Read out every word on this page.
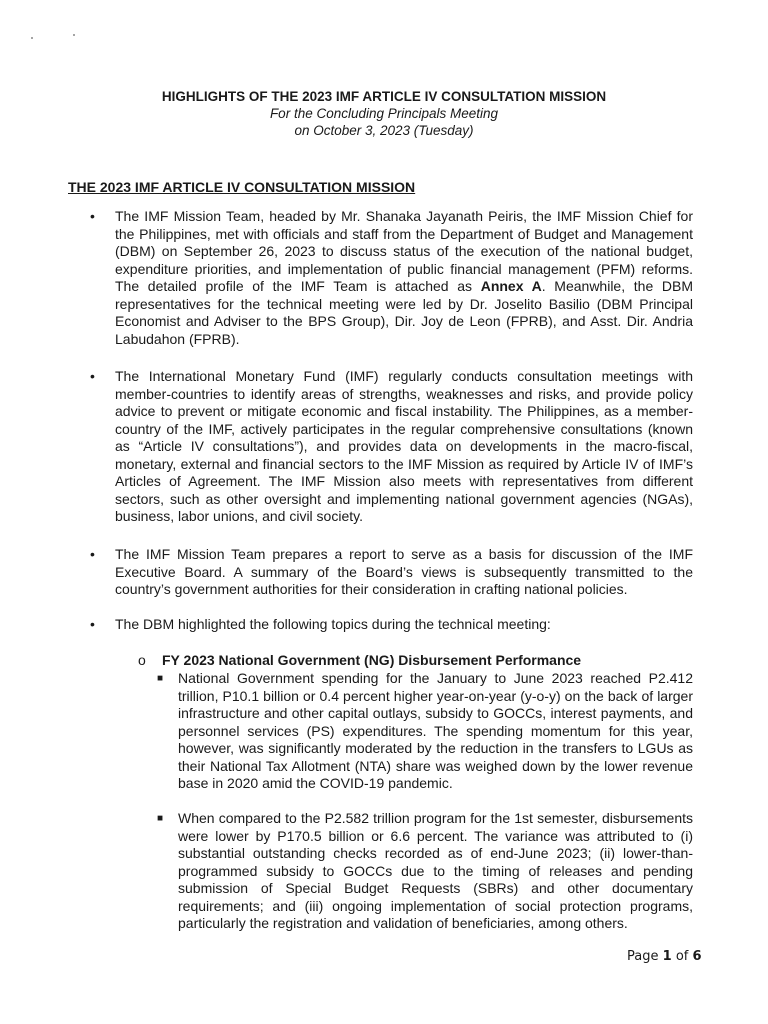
HIGHLIGHTS OF THE 2023 IMF ARTICLE IV CONSULTATION MISSION
For the Concluding Principals Meeting
on October 3, 2023 (Tuesday)
THE 2023 IMF ARTICLE IV CONSULTATION MISSION
• The IMF Mission Team, headed by Mr. Shanaka Jayanath Peiris, the IMF Mission Chief for the Philippines, met with officials and staff from the Department of Budget and Management (DBM) on September 26, 2023 to discuss status of the execution of the national budget, expenditure priorities, and implementation of public financial management (PFM) reforms. The detailed profile of the IMF Team is attached as Annex A. Meanwhile, the DBM representatives for the technical meeting were led by Dr. Joselito Basilio (DBM Principal Economist and Adviser to the BPS Group), Dir. Joy de Leon (FPRB), and Asst. Dir. Andria Labudahon (FPRB).
• The International Monetary Fund (IMF) regularly conducts consultation meetings with member-countries to identify areas of strengths, weaknesses and risks, and provide policy advice to prevent or mitigate economic and fiscal instability. The Philippines, as a member-country of the IMF, actively participates in the regular comprehensive consultations (known as “Article IV consultations”), and provides data on developments in the macro-fiscal, monetary, external and financial sectors to the IMF Mission as required by Article IV of IMF’s Articles of Agreement. The IMF Mission also meets with representatives from different sectors, such as other oversight and implementing national government agencies (NGAs), business, labor unions, and civil society.
• The IMF Mission Team prepares a report to serve as a basis for discussion of the IMF Executive Board. A summary of the Board’s views is subsequently transmitted to the country’s government authorities for their consideration in crafting national policies.
• The DBM highlighted the following topics during the technical meeting:
o FY 2023 National Government (NG) Disbursement Performance
■ National Government spending for the January to June 2023 reached P2.412 trillion, P10.1 billion or 0.4 percent higher year-on-year (y-o-y) on the back of larger infrastructure and other capital outlays, subsidy to GOCCs, interest payments, and personnel services (PS) expenditures. The spending momentum for this year, however, was significantly moderated by the reduction in the transfers to LGUs as their National Tax Allotment (NTA) share was weighed down by the lower revenue base in 2020 amid the COVID-19 pandemic.
■ When compared to the P2.582 trillion program for the 1st semester, disbursements were lower by P170.5 billion or 6.6 percent. The variance was attributed to (i) substantial outstanding checks recorded as of end-June 2023; (ii) lower-than-programmed subsidy to GOCCs due to the timing of releases and pending submission of Special Budget Requests (SBRs) and other documentary requirements; and (iii) ongoing implementation of social protection programs, particularly the registration and validation of beneficiaries, among others.
Page 1 of 6
